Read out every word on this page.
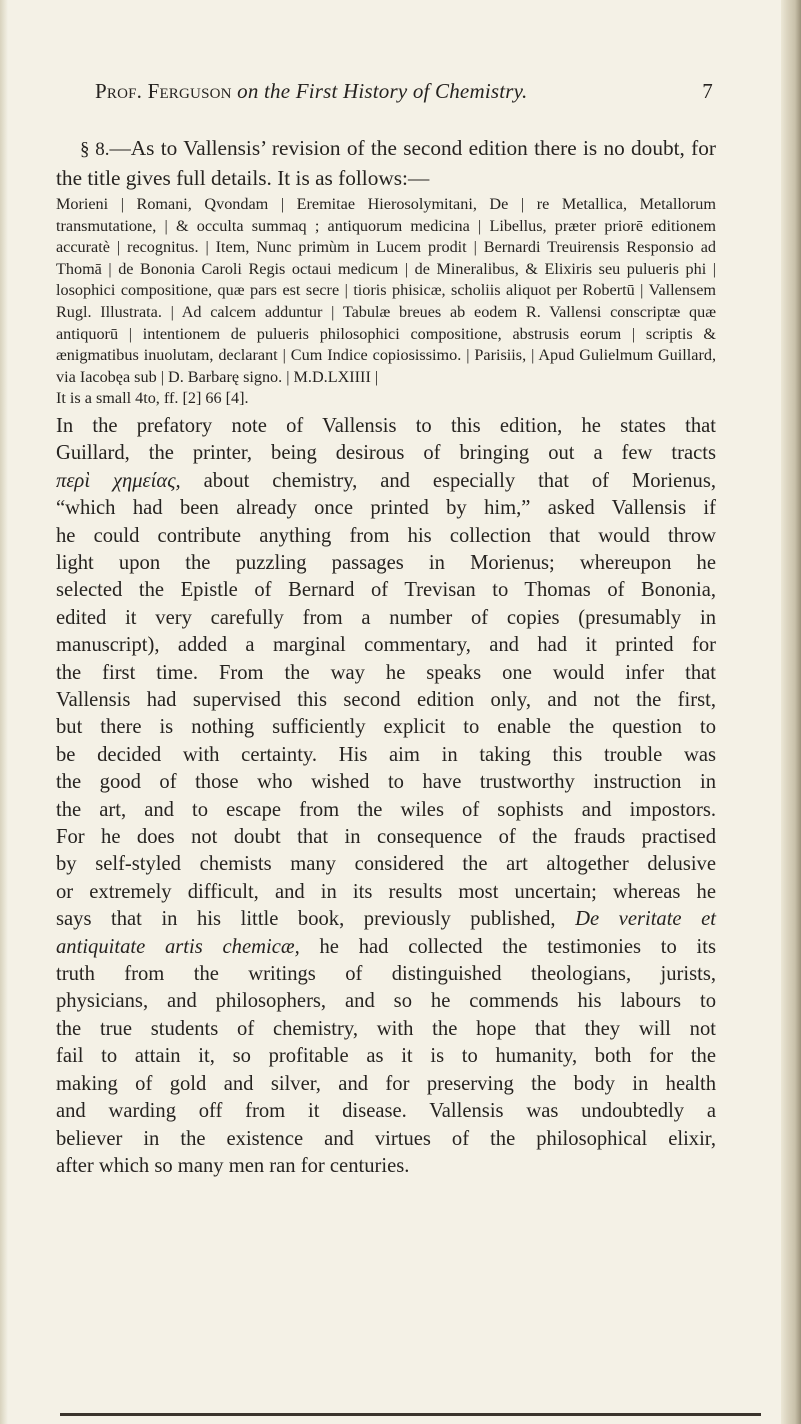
Prof. Ferguson on the First History of Chemistry.	7

§ 8.—As to Vallensis’ revision of the second edition there is no doubt, for the title gives full details. It is as follows:—

Morieni | Romani, Qvondam | Eremitae Hierosolymitani, De | re Metallica, Metallorum transmutatione, | & occulta summaq ; antiquorum medicina | Libellus, præter priorē editionem accuratè | recognitus. | Item, Nunc primùm in Lucem prodit | Bernardi Treuirensis Responsio ad Thomā | de Bononia Caroli Regis octaui medicum | de Mineralibus, & Elixiris seu pulueris phi | losophici compositione, quæ pars est secre | tioris phisicæ, scholiis aliquot per Robertū | Vallensem Rugl. Illustrata. | Ad calcem adduntur | Tabulæ breues ab eodem R. Vallensi conscriptæ quæ antiquorū | intentionem de pulueris philosophici compositione, abstrusis eorum | scriptis & ænigmatibus inuolutam, declarant | Cum Indice copiosissimo. | Parisiis, | Apud Gulielmum Guillard, via Iacobęa sub | D. Barbarę signo. | M.D.LXIIII |
It is a small 4to, ff. [2] 66 [4].

In the prefatory note of Vallensis to this edition, he states that
Guillard, the printer, being desirous of bringing out a few tracts
περὶ χημείας, about chemistry, and especially that of Morienus,
“which had been already once printed by him,” asked Vallensis if
he could contribute anything from his collection that would throw
light upon the puzzling passages in Morienus; whereupon he
selected the Epistle of Bernard of Trevisan to Thomas of Bononia,
edited it very carefully from a number of copies (presumably in
manuscript), added a marginal commentary, and had it printed for
the first time. From the way he speaks one would infer that
Vallensis had supervised this second edition only, and not the first,
but there is nothing sufficiently explicit to enable the question to
be decided with certainty. His aim in taking this trouble was
the good of those who wished to have trustworthy instruction in
the art, and to escape from the wiles of sophists and impostors.
For he does not doubt that in consequence of the frauds practised
by self-styled chemists many considered the art altogether delusive
or extremely difficult, and in its results most uncertain; whereas he
says that in his little book, previously published, De veritate et
antiquitate artis chemicæ, he had collected the testimonies to its
truth from the writings of distinguished theologians, jurists,
physicians, and philosophers, and so he commends his labours to
the true students of chemistry, with the hope that they will not
fail to attain it, so profitable as it is to humanity, both for the
making of gold and silver, and for preserving the body in health
and warding off from it disease. Vallensis was undoubtedly a
believer in the existence and virtues of the philosophical elixir,
after which so many men ran for centuries.
